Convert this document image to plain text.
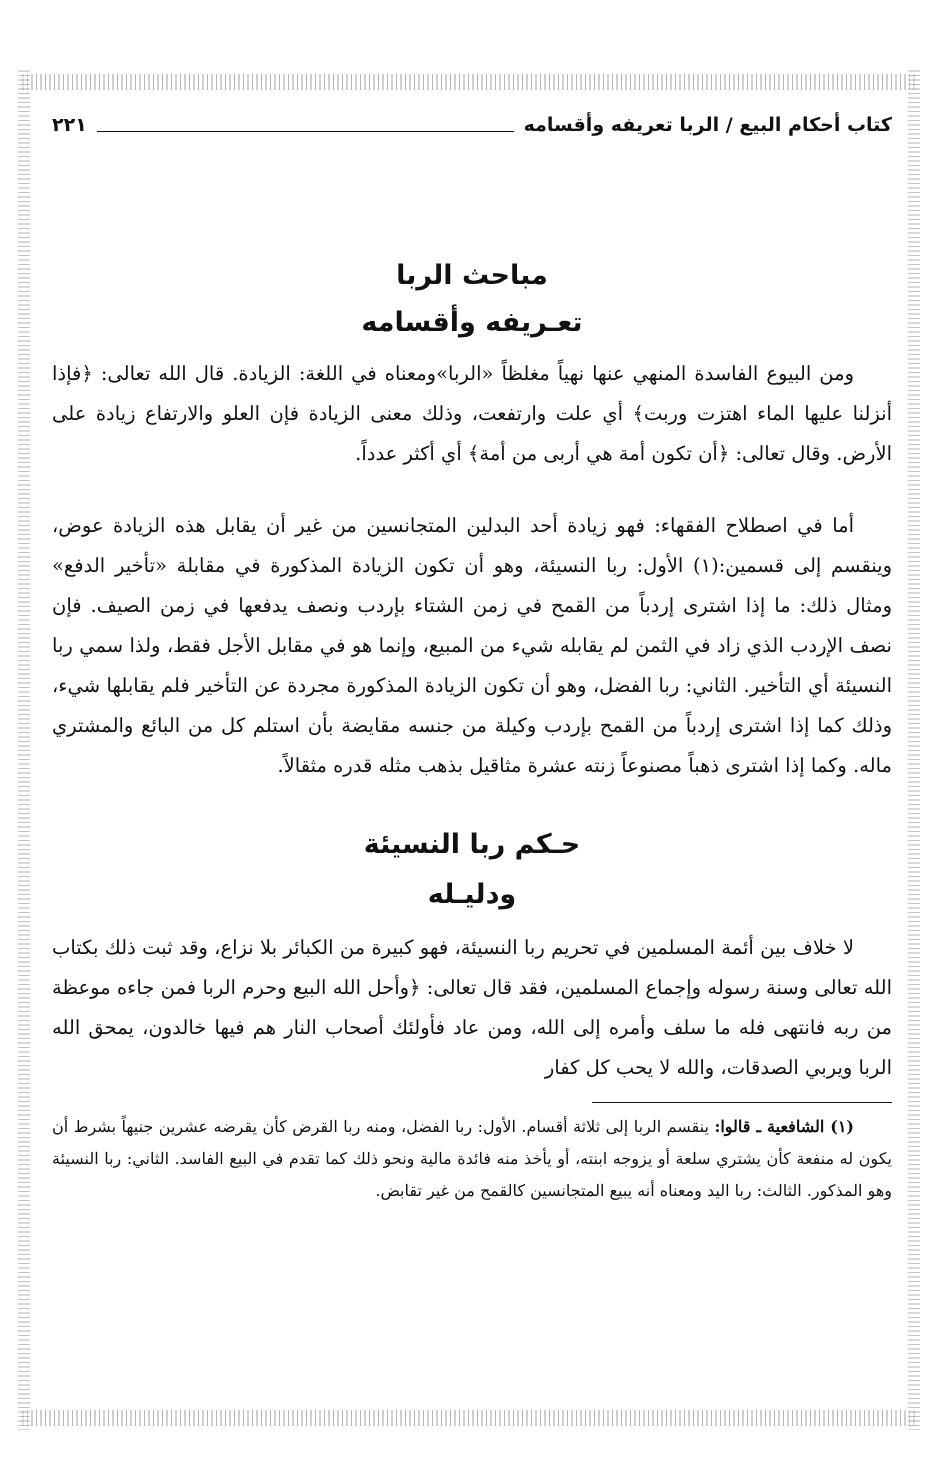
كتاب أحكام البيع / الربا تعريفه وأقسامه
٢٢١
مباحث الربا
تعـريفه وأقسامه

ومن البيوع الفاسدة المنهي عنها نهياً مغلظاً «الربا»ومعناه في اللغة: الزيادة. قال الله تعالى: ﴿فإذا أنزلنا عليها الماء اهتزت وربت﴾ أي علت وارتفعت، وذلك معنى الزيادة فإن العلو والارتفاع زيادة على الأرض. وقال تعالى: ﴿أن تكون أمة هي أربى من أمة﴾ أي أكثر عدداً.

أما في اصطلاح الفقهاء: فهو زيادة أحد البدلين المتجانسين من غير أن يقابل هذه الزيادة عوض، وينقسم إلى قسمين:(١) الأول: ربا النسيئة، وهو أن تكون الزيادة المذكورة في مقابلة «تأخير الدفع» ومثال ذلك: ما إذا اشترى إردباً من القمح في زمن الشتاء بإردب ونصف يدفعها في زمن الصيف. فإن نصف الإردب الذي زاد في الثمن لم يقابله شيء من المبيع، وإنما هو في مقابل الأجل فقط، ولذا سمي ربا النسيئة أي التأخير. الثاني: ربا الفضل، وهو أن تكون الزيادة المذكورة مجردة عن التأخير فلم يقابلها شيء، وذلك كما إذا اشترى إردباً من القمح بإردب وكيلة من جنسه مقايضة بأن استلم كل من البائع والمشتري ماله. وكما إذا اشترى ذهباً مصنوعاً زنته عشرة مثاقيل بذهب مثله قدره مثقالاً.

حـكم ربا النسيئة
ودليـله

لا خلاف بين أئمة المسلمين في تحريم ربا النسيئة، فهو كبيرة من الكبائر بلا نزاع، وقد ثبت ذلك بكتاب الله تعالى وسنة رسوله وإجماع المسلمين، فقد قال تعالى: ﴿وأحل الله البيع وحرم الربا فمن جاءه موعظة من ربه فانتهى فله ما سلف وأمره إلى الله، ومن عاد فأولئك أصحاب النار هم فيها خالدون، يمحق الله الربا ويربي الصدقات، والله لا يحب كل كفار

(١) الشافعية ـ قالوا: ينقسم الربا إلى ثلاثة أقسام. الأول: ربا الفضل، ومنه ربا القرض كأن يقرضه عشرين جنيهاً بشرط أن يكون له منفعة كأن يشتري سلعة أو يزوجه ابنته، أو يأخذ منه فائدة مالية ونحو ذلك كما تقدم في البيع الفاسد. الثاني: ربا النسيئة وهو المذكور. الثالث: ربا اليد ومعناه أنه يبيع المتجانسين كالقمح من غير تقابض.
